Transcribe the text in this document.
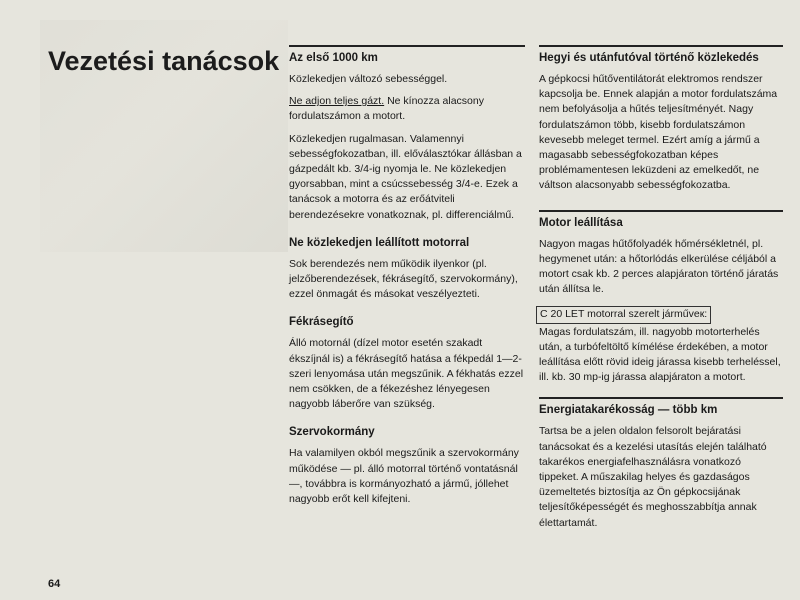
Vezetési tanácsok Az első 1000 km

Közlekedjen változó sebességgel.

Ne adjon teljes gázt. Ne kínozza alacsony fordulatszámon a motort.

Közlekedjen rugalmasan. Valamennyi sebességfokozatban, ill. előválasztókar állásban a gázpedált kb. 3/4-ig nyomja le. Ne közlekedjen gyorsabban, mint a csúcssebesség 3/4-e. Ezek a tanácsok a motorra és az erőátviteli berendezésekre vonatkoznak, pl. differenciálmű.

Ne közlekedjen leállított motorral

Sok berendezés nem működik ilyenkor (pl. jelzőberendezések, fékrásegítő, szervokormány), ezzel önmagát és másokat veszélyezteti.

Fékrásegítő

Álló motornál (dízel motor esetén szakadt ékszíjnál is) a fékrásegítő hatása a fékpedál 1—2-szeri lenyomása után megszűnik. A fékhatás ezzel nem csökken, de a fékezéshez lényegesen nagyobb láberőre van szükség.

Szervokormány

Ha valamilyen okból megszűnik a szervokormány működése — pl. álló motorral történő vontatásnál —, továbbra is kormányozható a jármű, jóllehet nagyobb erőt kell kifejteni.

Hegyi és utánfutóval történő közlekedés

A gépkocsi hűtőventilátorát elektromos rendszer kapcsolja be. Ennek alapján a motor fordulatszáma nem befolyásolja a hűtés teljesítményét. Nagy fordulatszámon több, kisebb fordulatszámon kevesebb meleget termel. Ezért amíg a jármű a magasabb sebességfokozatban képes problémamentesen leküzdeni az emelkedőt, ne váltson alacsonyabb sebességfokozatba.

Motor leállítása

Nagyon magas hűtőfolyadék hőmérsékletnél, pl. hegymenet után: a hőtorlódás elkerülése céljából a motort csak kb. 2 perces alapjáraton történő járatás után állítsa le.

C 20 LET motorral szerelt járműveк:

Magas fordulatszám, ill. nagyobb motorterhelés után, a turbófeltöltő kímélése érdekében, a motor leállítása előtt rövid ideig járassa kisebb terheléssel, ill. kb. 30 mp-ig járassa alapjáraton a motort.

Energiatakarékosság — több km

Tartsa be a jelen oldalon felsorolt bejáratási tanácsokat és a kezelési utasítás elején található takarékos energiafelhasználásra vonatkozó tippeket. A műszakilag helyes és gazdaságos üzemeltetés biztosítja az Ön gépkocsijának teljesítőképességét és meghosszabbítja annak élettartamát.

64
